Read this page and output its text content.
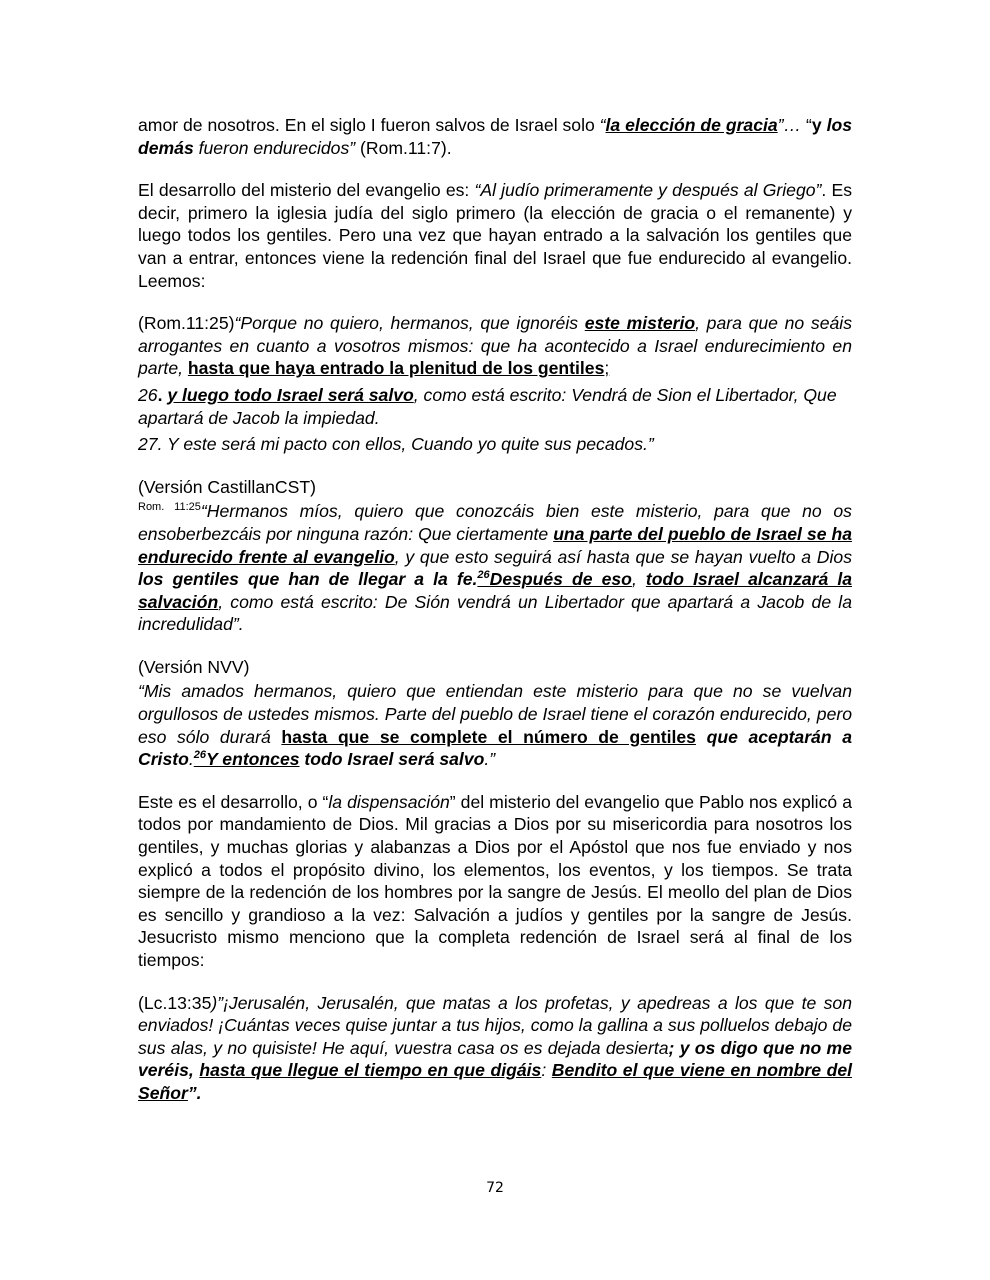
amor de nosotros. En el siglo I fueron salvos de Israel solo “la elección de gracia”… “y los demás fueron endurecidos” (Rom.11:7).

El desarrollo del misterio del evangelio es: “Al judío primeramente y después al Griego”. Es decir, primero la iglesia judía del siglo primero (la elección de gracia o el remanente) y luego todos los gentiles. Pero una vez que hayan entrado a la salvación los gentiles que van a entrar, entonces viene la redención final del Israel que fue endurecido al evangelio. Leemos:

(Rom.11:25)“Porque no quiero, hermanos, que ignoréis este misterio, para que no seáis arrogantes en cuanto a vosotros mismos: que ha acontecido a Israel endurecimiento en parte, hasta que haya entrado la plenitud de los gentiles;

26. y luego todo Israel será salvo, como está escrito: Vendrá de Sion el Libertador, Que apartará de Jacob la impiedad.

27. Y este será mi pacto con ellos, Cuando yo quite sus pecados.”

(Versión CastillanCST)

$^{Rom. 11:25}$“Hermanos míos, quiero que conozcáis bien este misterio, para que no os ensoberbezcáis por ninguna razón: Que ciertamente una parte del pueblo de Israel se ha endurecido frente al evangelio, y que esto seguirá así hasta que se hayan vuelto a Dios los gentiles que han de llegar a la fe.$^{26}$Después de eso, todo Israel alcanzará la salvación, como está escrito: De Sión vendrá un Libertador que apartará a Jacob de la incredulidad”.

(Versión NVV)

“Mis amados hermanos, quiero que entiendan este misterio para que no se vuelvan orgullosos de ustedes mismos. Parte del pueblo de Israel tiene el corazón endurecido, pero eso sólo durará hasta que se complete el número de gentiles que aceptarán a Cristo.$^{26}$Y entonces todo Israel será salvo.”

Este es el desarrollo, o “la dispensación” del misterio del evangelio que Pablo nos explicó a todos por mandamiento de Dios. Mil gracias a Dios por su misericordia para nosotros los gentiles, y muchas glorias y alabanzas a Dios por el Apóstol que nos fue enviado y nos explicó a todos el propósito divino, los elementos, los eventos, y los tiempos. Se trata siempre de la redención de los hombres por la sangre de Jesús. El meollo del plan de Dios es sencillo y grandioso a la vez: Salvación a judíos y gentiles por la sangre de Jesús. Jesucristo mismo menciono que la completa redención de Israel será al final de los tiempos:

(Lc.13:35)”¡Jerusalén, Jerusalén, que matas a los profetas, y apedreas a los que te son enviados! ¡Cuántas veces quise juntar a tus hijos, como la gallina a sus polluelos debajo de sus alas, y no quisiste! He aquí, vuestra casa os es dejada desierta; y os digo que no me veréis, hasta que llegue el tiempo en que digáis: Bendito el que viene en nombre del Señor”.

72
